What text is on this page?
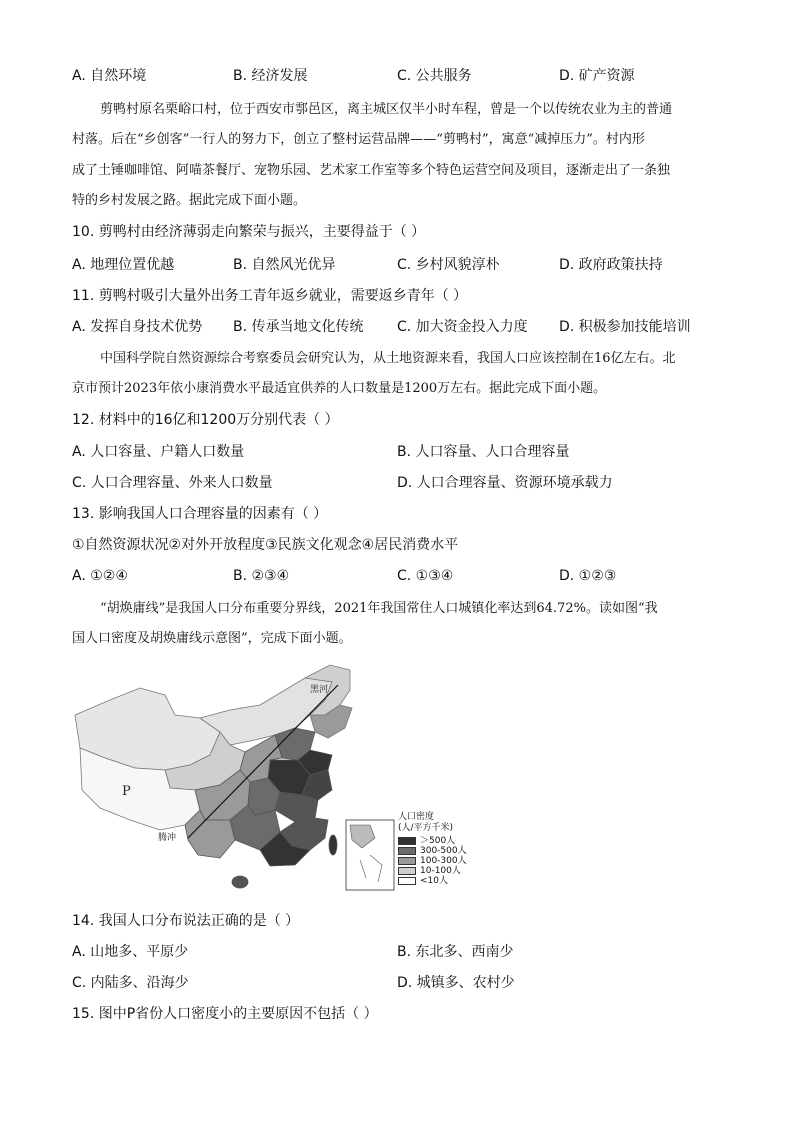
A. 自然环境	B. 经济发展	C. 公共服务	D. 矿产资源
剪鸭村原名栗峪口村，位于西安市鄠邑区，离主城区仅半小时车程，曾是一个以传统农业为主的普通
村落。后在“乡创客”一行人的努力下，创立了整村运营品牌——“剪鸭村”，寓意“减掉压力”。村内形
成了土锤咖啡馆、阿喵茶餐厅、宠物乐园、艺术家工作室等多个特色运营空间及项目，逐渐走出了一条独
特的乡村发展之路。据此完成下面小题。
10. 剪鸭村由经济薄弱走向繁荣与振兴，主要得益于（ ）
A. 地理位置优越	B. 自然风光优异	C. 乡村风貌淳朴	D. 政府政策扶持
11. 剪鸭村吸引大量外出务工青年返乡就业，需要返乡青年（ ）
A. 发挥自身技术优势 B. 传承当地文化传统 C. 加大资金投入力度 D. 积极参加技能培训
中国科学院自然资源综合考察委员会研究认为，从土地资源来看，我国人口应该控制在16亿左右。北
京市预计2023年依小康消费水平最适宜供养的人口数量是1200万左右。据此完成下面小题。
12. 材料中的16亿和1200万分别代表（ ）
A. 人口容量、户籍人口数量	B. 人口容量、人口合理容量
C. 人口合理容量、外来人口数量	D. 人口合理容量、资源环境承载力
13. 影响我国人口合理容量的因素有（ ）
①自然资源状况②对外开放程度③民族文化观念④居民消费水平
A. ①②④	B. ②③④	C. ①③④	D. ①②③
“胡焕庸线”是我国人口分布重要分界线，2021年我国常住人口城镇化率达到64.72%。读如图“我
国人口密度及胡焕庸线示意图”，完成下面小题。
黑河
腾冲
P
人口密度
(人/平方千米)
＞500人
300-500人
100-300人
10-100人
<10人
14. 我国人口分布说法正确的是（ ）
A. 山地多、平原少	B. 东北多、西南少
C. 内陆多、沿海少	D. 城镇多、农村少
15. 图中P省份人口密度小的主要原因不包括（ ）
